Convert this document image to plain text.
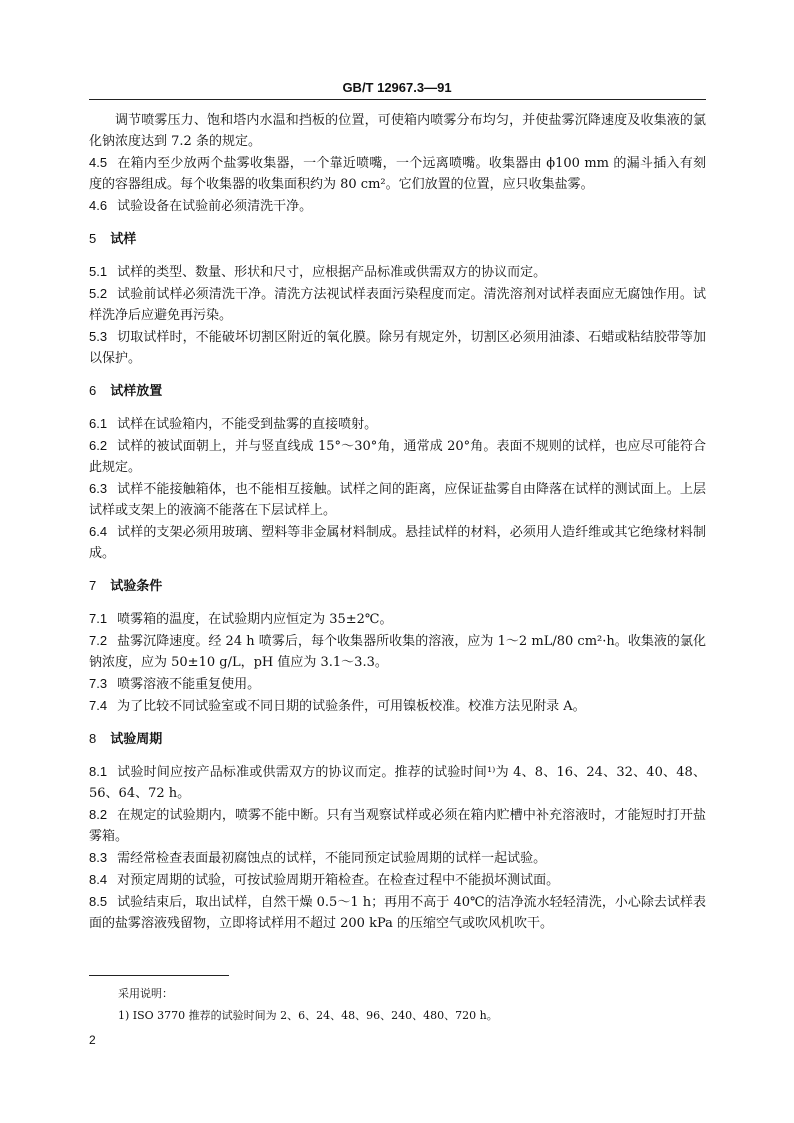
GB/T 12967.3—91

调节喷雾压力、饱和塔内水温和挡板的位置，可使箱内喷雾分布均匀，并使盐雾沉降速度及收集液的氯化钠浓度达到 7.2 条的规定。

4.5 在箱内至少放两个盐雾收集器，一个靠近喷嘴，一个远离喷嘴。收集器由 ϕ100 mm 的漏斗插入有刻度的容器组成。每个收集器的收集面积约为 80 cm²。它们放置的位置，应只收集盐雾。

4.6 试验设备在试验前必须清洗干净。

5 试样

5.1 试样的类型、数量、形状和尺寸，应根据产品标准或供需双方的协议而定。

5.2 试验前试样必须清洗干净。清洗方法视试样表面污染程度而定。清洗溶剂对试样表面应无腐蚀作用。试样洗净后应避免再污染。

5.3 切取试样时，不能破坏切割区附近的氧化膜。除另有规定外，切割区必须用油漆、石蜡或粘结胶带等加以保护。

6 试样放置

6.1 试样在试验箱内，不能受到盐雾的直接喷射。

6.2 试样的被试面朝上，并与竖直线成 15°～30°角，通常成 20°角。表面不规则的试样，也应尽可能符合此规定。

6.3 试样不能接触箱体，也不能相互接触。试样之间的距离，应保证盐雾自由降落在试样的测试面上。上层试样或支架上的液滴不能落在下层试样上。

6.4 试样的支架必须用玻璃、塑料等非金属材料制成。悬挂试样的材料，必须用人造纤维或其它绝缘材料制成。

7 试验条件

7.1 喷雾箱的温度，在试验期内应恒定为 35±2℃。

7.2 盐雾沉降速度。经 24 h 喷雾后，每个收集器所收集的溶液，应为 1～2 mL/80 cm²·h。收集液的氯化钠浓度，应为 50±10 g/L，pH 值应为 3.1～3.3。

7.3 喷雾溶液不能重复使用。

7.4 为了比较不同试验室或不同日期的试验条件，可用镍板校准。校准方法见附录 A。

8 试验周期

8.1 试验时间应按产品标准或供需双方的协议而定。推荐的试验时间¹⁾为 4、8、16、24、32、40、48、56、64、72 h。

8.2 在规定的试验期内，喷雾不能中断。只有当观察试样或必须在箱内贮槽中补充溶液时，才能短时打开盐雾箱。

8.3 需经常检查表面最初腐蚀点的试样，不能同预定试验周期的试样一起试验。

8.4 对预定周期的试验，可按试验周期开箱检查。在检查过程中不能损坏测试面。

8.5 试验结束后，取出试样，自然干燥 0.5～1 h；再用不高于 40℃的洁净流水轻轻清洗，小心除去试样表面的盐雾溶液残留物，立即将试样用不超过 200 kPa 的压缩空气或吹风机吹干。

采用说明：
1) ISO 3770 推荐的试验时间为 2、6、24、48、96、240、480、720 h。
2
